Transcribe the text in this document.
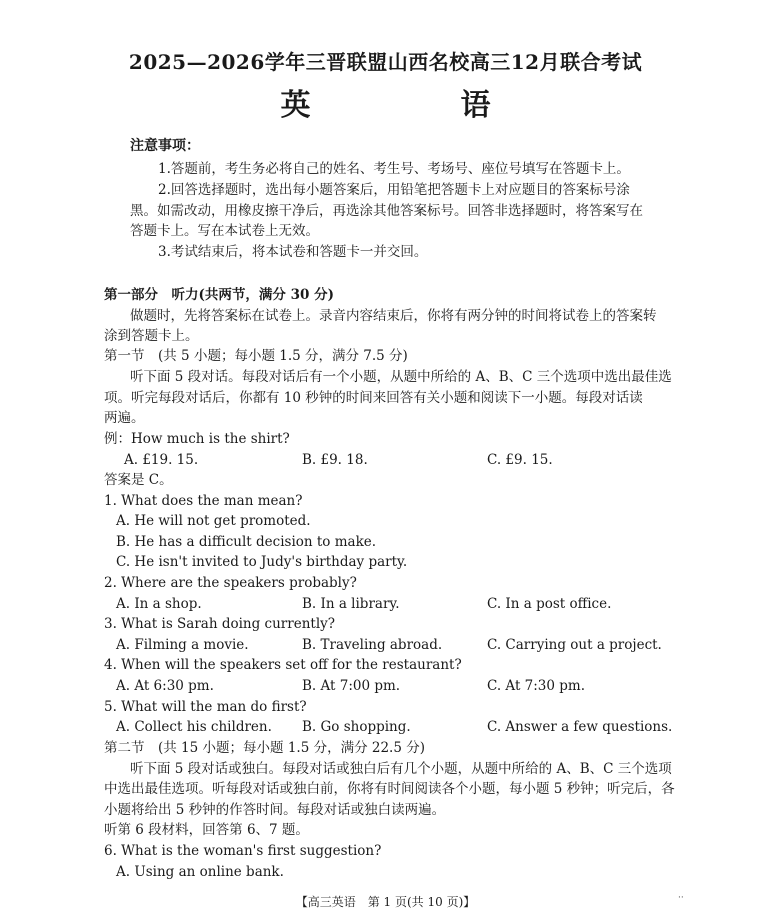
2025—2026学年三晋联盟山西名校高三12月联合考试
英　语
注意事项：
1.答题前，考生务必将自己的姓名、考生号、考场号、座位号填写在答题卡上。
2.回答选择题时，选出每小题答案后，用铅笔把答题卡上对应题目的答案标号涂
黑。如需改动，用橡皮擦干净后，再选涂其他答案标号。回答非选择题时，将答案写在
答题卡上。写在本试卷上无效。
3.考试结束后，将本试卷和答题卡一并交回。
第一部分　听力(共两节，满分 30 分)
做题时，先将答案标在试卷上。录音内容结束后，你将有两分钟的时间将试卷上的答案转
涂到答题卡上。
第一节　(共 5 小题；每小题 1.5 分，满分 7.5 分)
听下面 5 段对话。每段对话后有一个小题，从题中所给的 A、B、C 三个选项中选出最佳选
项。听完每段对话后，你都有 10 秒钟的时间来回答有关小题和阅读下一小题。每段对话读
两遍。
例：How much is the shirt?
A. £19. 15.	B. £9. 18.	C. £9. 15.
答案是 C。
1. What does the man mean?
A. He will not get promoted.
B. He has a difficult decision to make.
C. He isn't invited to Judy's birthday party.
2. Where are the speakers probably?
A. In a shop.	B. In a library.	C. In a post office.
3. What is Sarah doing currently?
A. Filming a movie.	B. Traveling abroad.	C. Carrying out a project.
4. When will the speakers set off for the restaurant?
A. At 6:30 pm.	B. At 7:00 pm.	C. At 7:30 pm.
5. What will the man do first?
A. Collect his children. B. Go shopping.	C. Answer a few questions.
第二节　(共 15 小题；每小题 1.5 分，满分 22.5 分)
听下面 5 段对话或独白。每段对话或独白后有几个小题，从题中所给的 A、B、C 三个选项
中选出最佳选项。听每段对话或独白前，你将有时间阅读各个小题，每小题 5 秒钟；听完后，各
小题将给出 5 秒钟的作答时间。每段对话或独白读两遍。
听第 6 段材料，回答第 6、7 题。
6. What is the woman's first suggestion?
A. Using an online bank.
【高三英语　第 1 页(共 10 页)】	··
